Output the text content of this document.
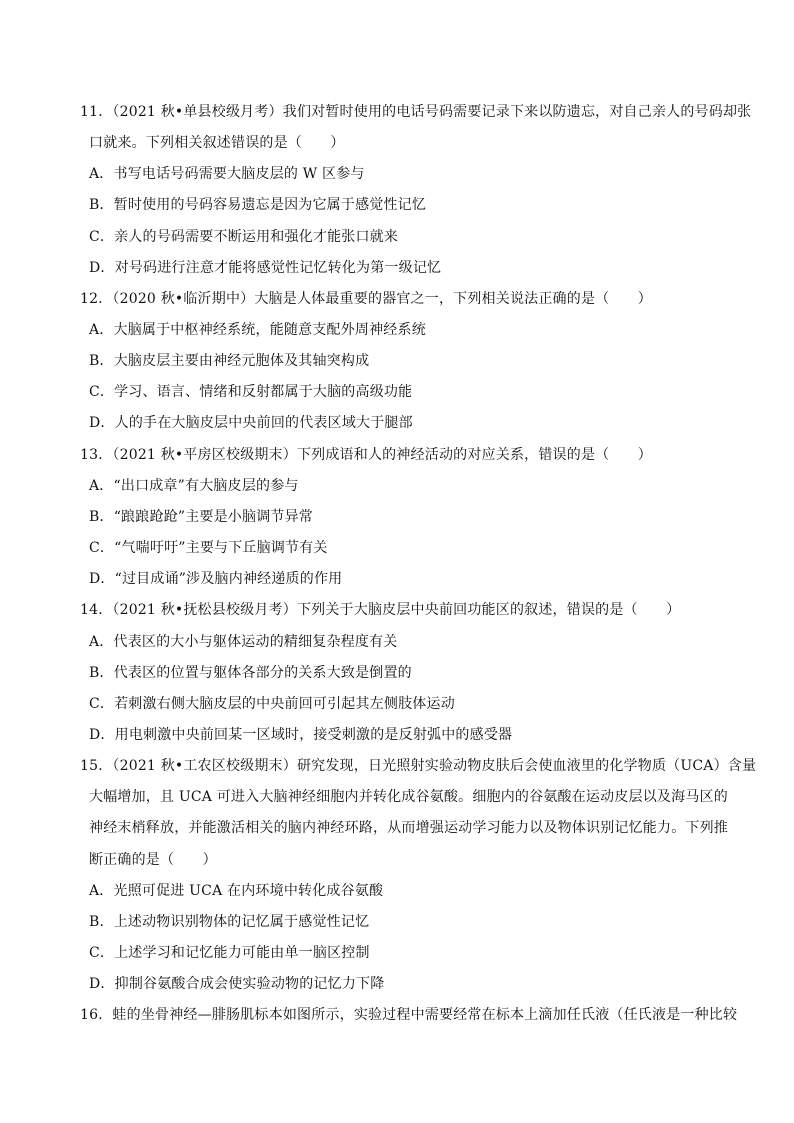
11．（2021 秋•单县校级月考）我们对暂时使用的电话号码需要记录下来以防遗忘，对自己亲人的号码却张
口就来。下列相关叙述错误的是（　　）
A．书写电话号码需要大脑皮层的 W 区参与
B．暂时使用的号码容易遗忘是因为它属于感觉性记忆
C．亲人的号码需要不断运用和强化才能张口就来
D．对号码进行注意才能将感觉性记忆转化为第一级记忆
12．（2020 秋•临沂期中）大脑是人体最重要的器官之一，下列相关说法正确的是（　　）
A．大脑属于中枢神经系统，能随意支配外周神经系统
B．大脑皮层主要由神经元胞体及其轴突构成
C．学习、语言、情绪和反射都属于大脑的高级功能
D．人的手在大脑皮层中央前回的代表区域大于腿部
13．（2021 秋•平房区校级期末）下列成语和人的神经活动的对应关系，错误的是（　　）
A．“出口成章”有大脑皮层的参与
B．“踉踉跄跄”主要是小脑调节异常
C．“气喘吁吁”主要与下丘脑调节有关
D．“过目成诵”涉及脑内神经递质的作用
14．（2021 秋•抚松县校级月考）下列关于大脑皮层中央前回功能区的叙述，错误的是（　　）
A．代表区的大小与躯体运动的精细复杂程度有关
B．代表区的位置与躯体各部分的关系大致是倒置的
C．若刺激右侧大脑皮层的中央前回可引起其左侧肢体运动
D．用电刺激中央前回某一区域时，接受刺激的是反射弧中的感受器
15．（2021 秋•工农区校级期末）研究发现，日光照射实验动物皮肤后会使血液里的化学物质（UCA）含量
大幅增加，且 UCA 可进入大脑神经细胞内并转化成谷氨酸。细胞内的谷氨酸在运动皮层以及海马区的
神经末梢释放，并能激活相关的脑内神经环路，从而增强运动学习能力以及物体识别记忆能力。下列推
断正确的是（　　）
A．光照可促进 UCA 在内环境中转化成谷氨酸
B．上述动物识别物体的记忆属于感觉性记忆
C．上述学习和记忆能力可能由单一脑区控制
D．抑制谷氨酸合成会使实验动物的记忆力下降
16．蛙的坐骨神经—腓肠肌标本如图所示，实验过程中需要经常在标本上滴加任氏液（任氏液是一种比较
